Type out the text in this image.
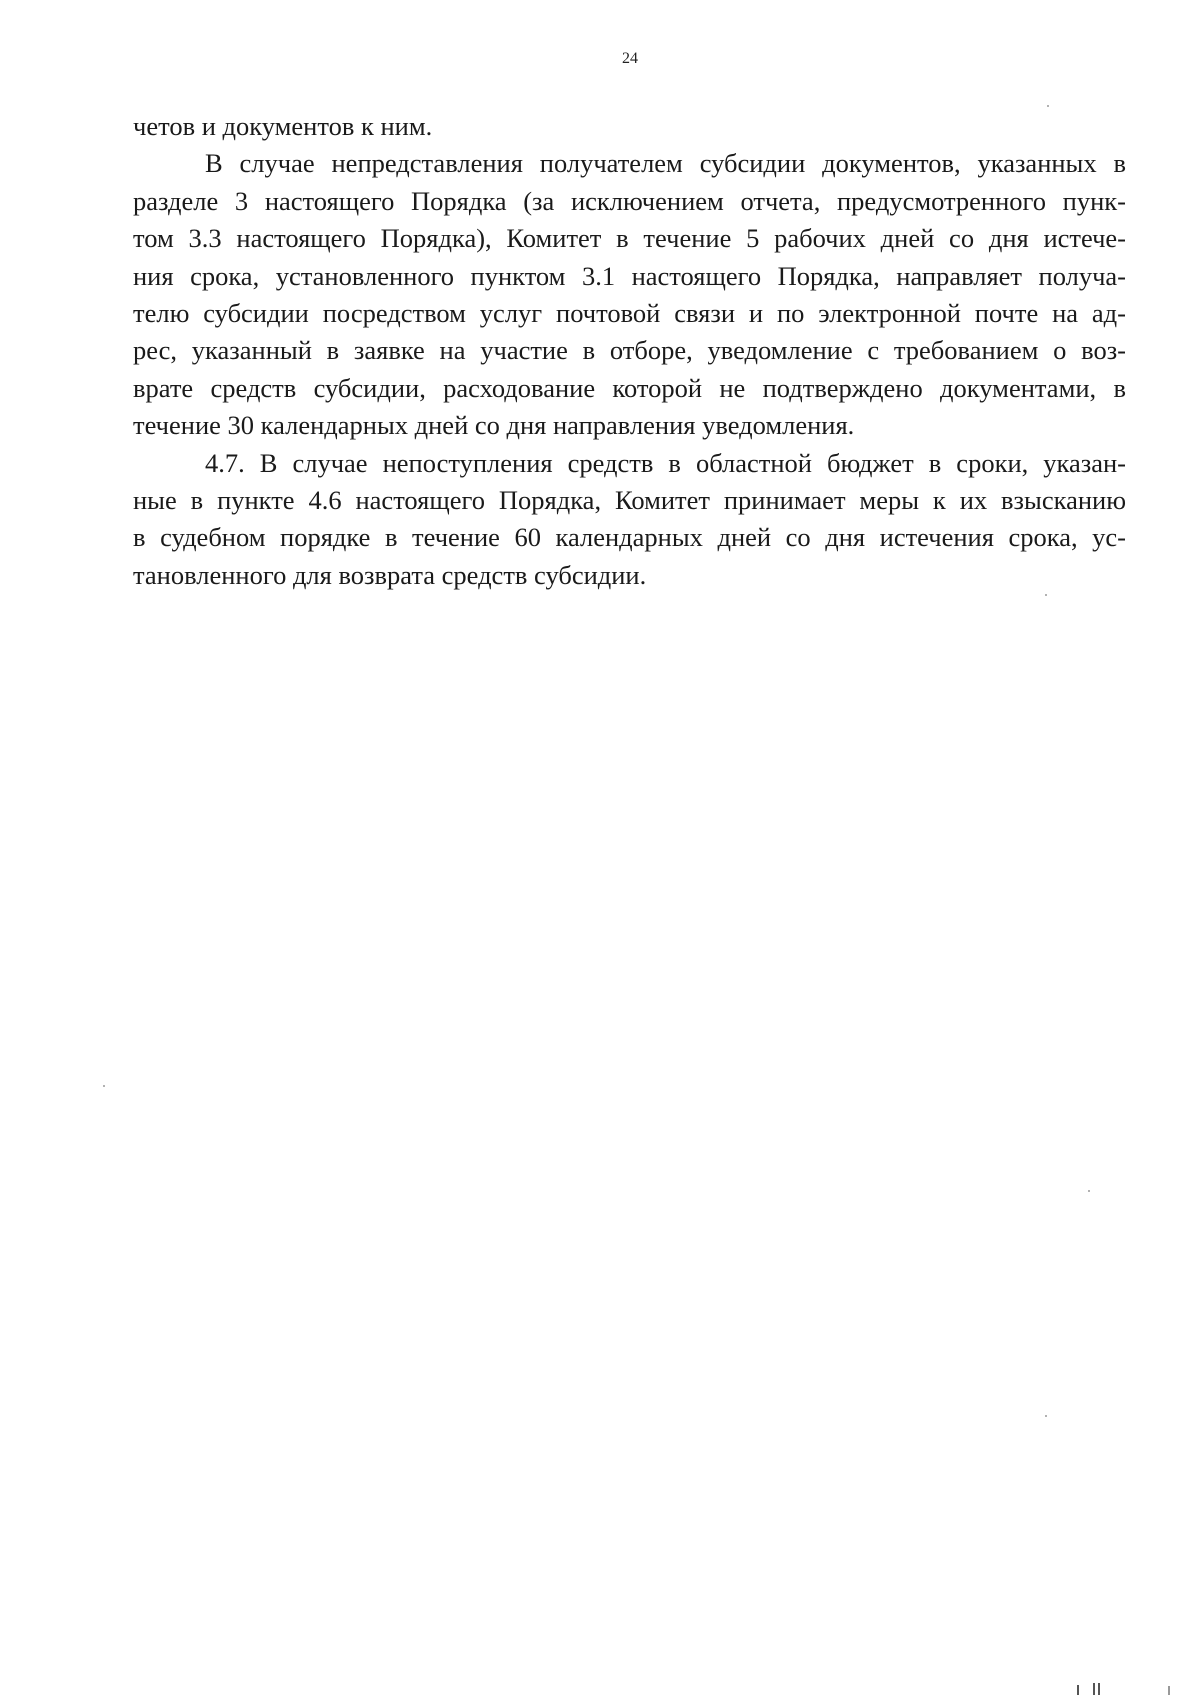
24

четов и документов к ним.

В случае непредставления получателем субсидии документов, указанных в
разделе 3 настоящего Порядка (за исключением отчета, предусмотренного пунк-
том 3.3 настоящего Порядка), Комитет в течение 5 рабочих дней со дня истече-
ния срока, установленного пунктом 3.1 настоящего Порядка, направляет получа-
телю субсидии посредством услуг почтовой связи и по электронной почте на ад-
рес, указанный в заявке на участие в отборе, уведомление с требованием о воз-
врате средств субсидии, расходование которой не подтверждено документами, в
течение 30 календарных дней со дня направления уведомления.

4.7. В случае непоступления средств в областной бюджет в сроки, указан-
ные в пункте 4.6 настоящего Порядка, Комитет принимает меры к их взысканию
в судебном порядке в течение 60 календарных дней со дня истечения срока, ус-
тановленного для возврата средств субсидии.
